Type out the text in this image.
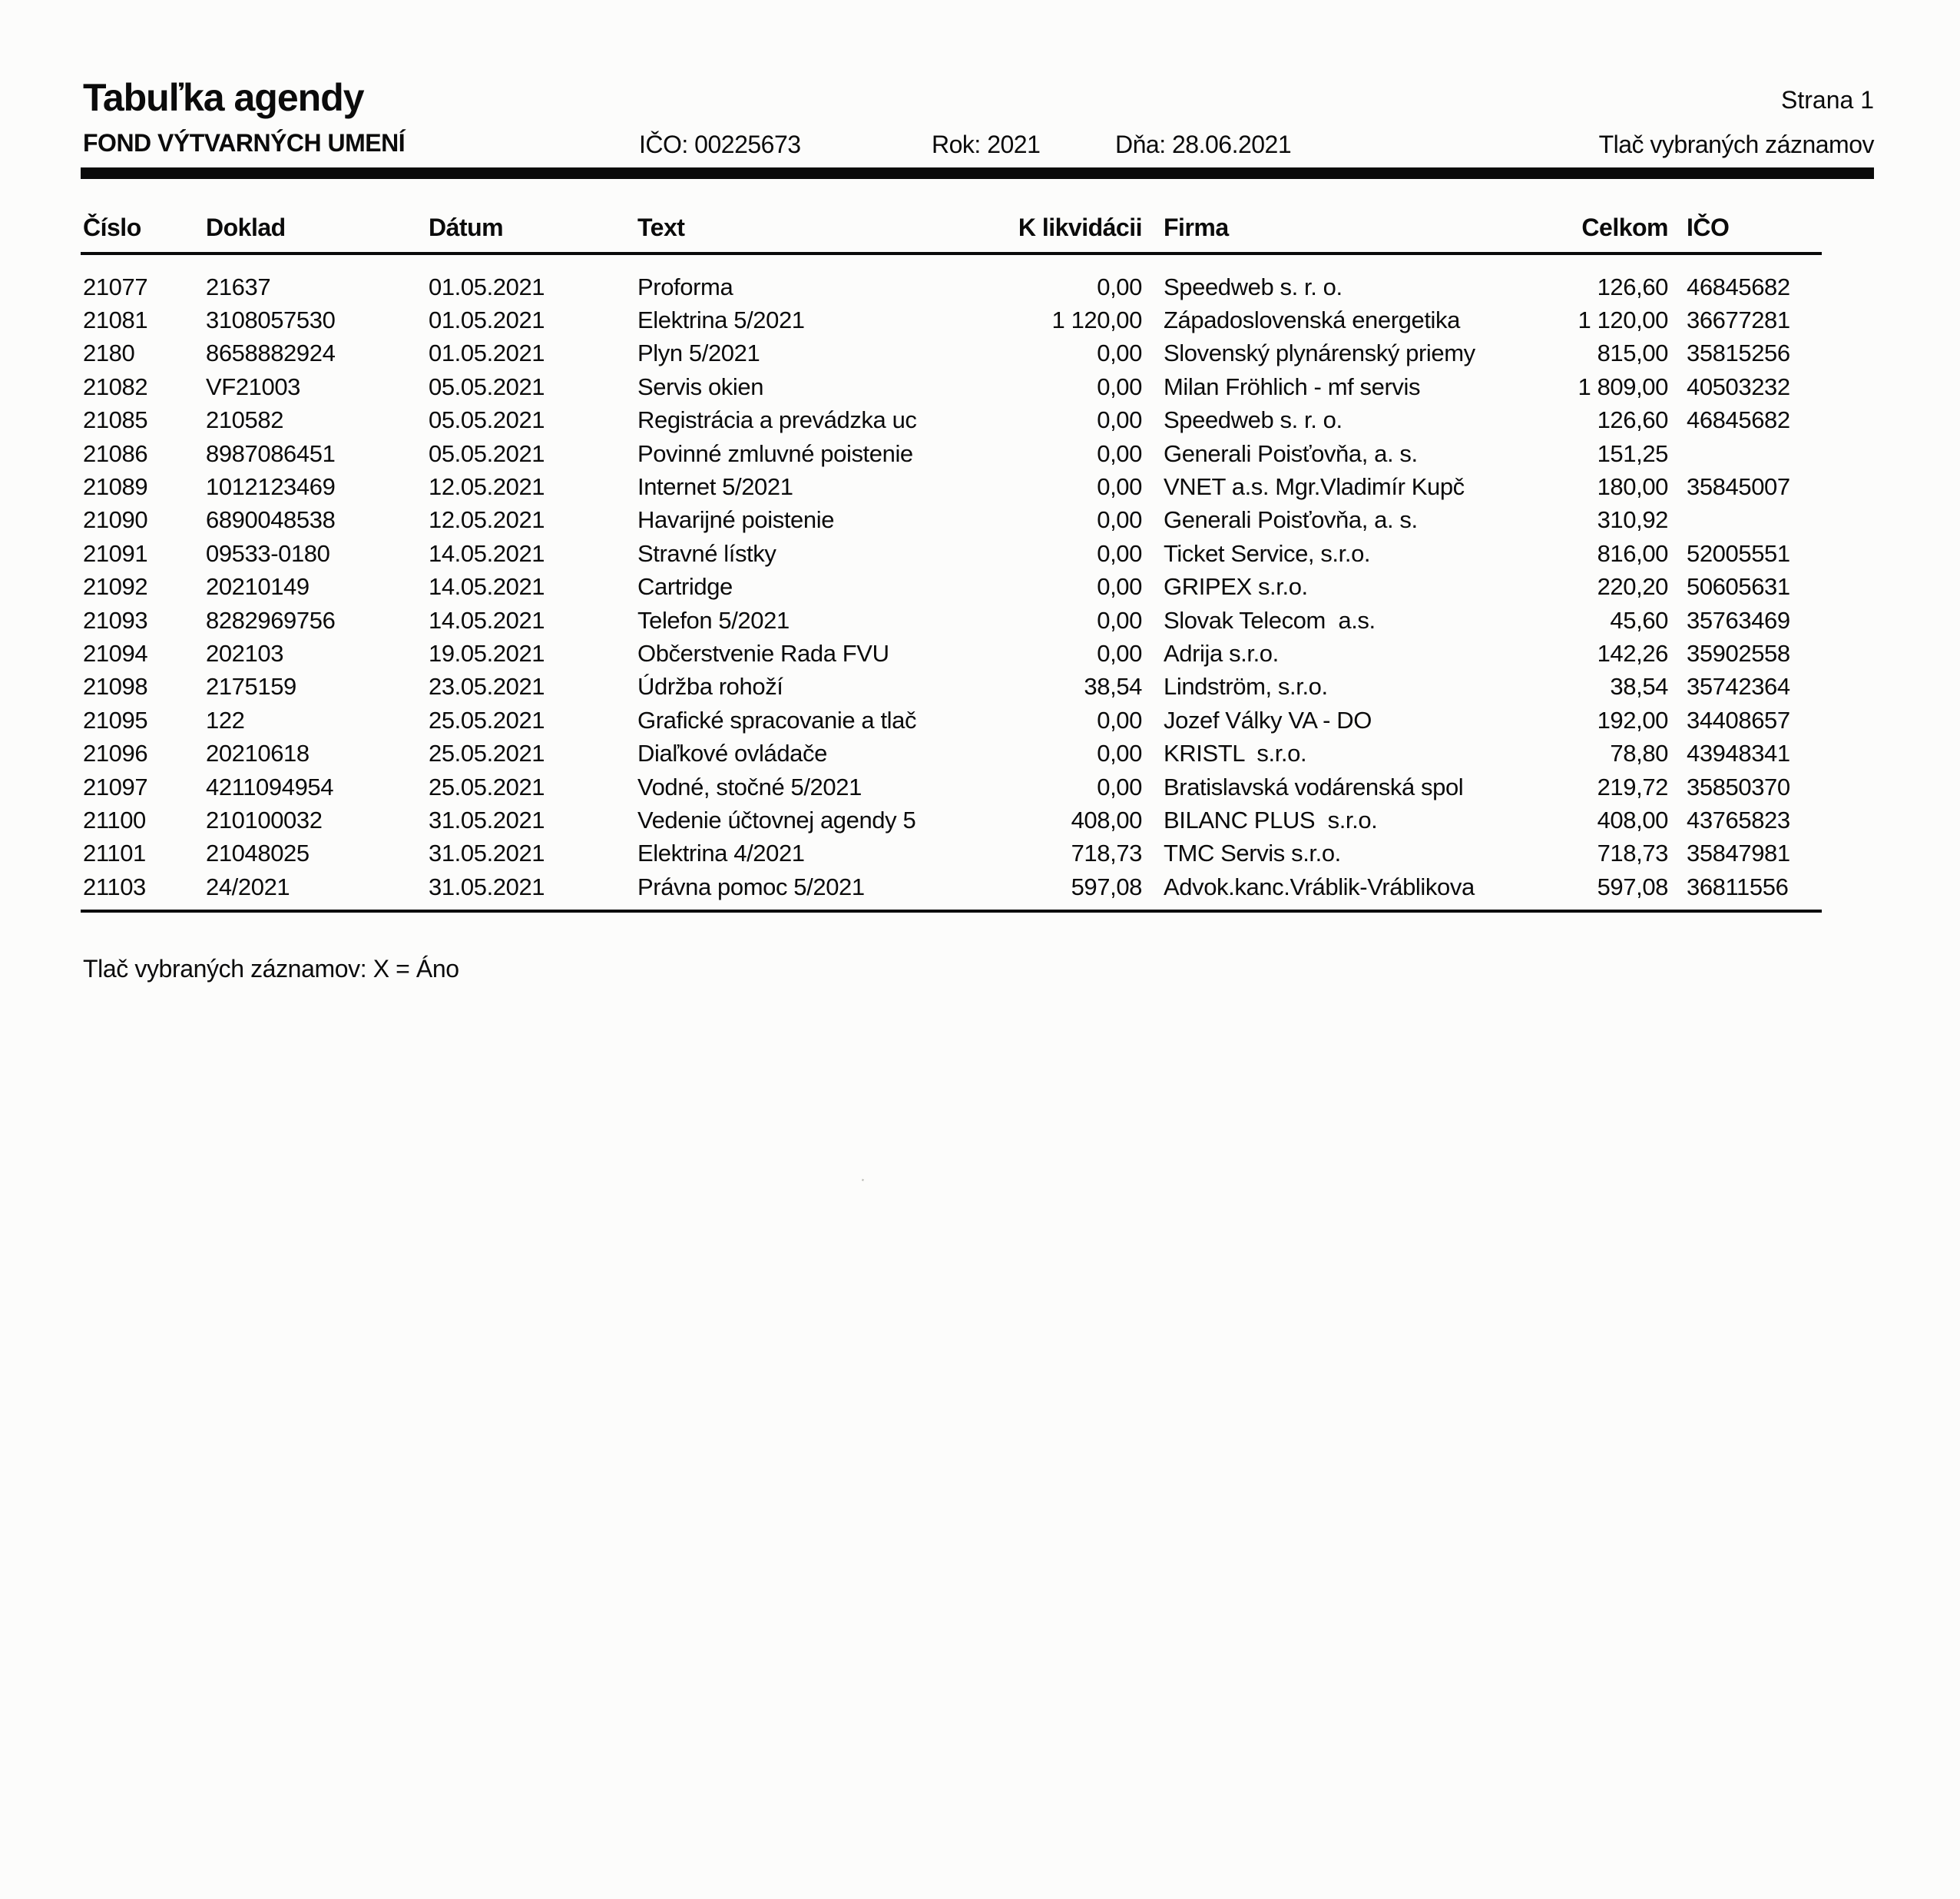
Tabuľka agendy	Strana 1
FOND VÝTVARNÝCH UMENÍ	IČO: 00225673	Rok: 2021	Dňa: 28.06.2021	Tlač vybraných záznamov
Číslo	Doklad	Dátum	Text	K likvidácii Firma	Celkom IČO
21077	21637	01.05.2021	Proforma	0,00 Speedweb s. r. o.	126,60 46845682
21081	3108057530	01.05.2021	Elektrina 5/2021	1 120,00 Západoslovenská energetika	1 120,00 36677281
2180	8658882924	01.05.2021	Plyn 5/2021	0,00 Slovenský plynárenský priemy	815,00 35815256
21082	VF21003	05.05.2021	Servis okien	0,00 Milan Fröhlich - mf servis	1 809,00 40503232
21085	210582	05.05.2021	Registrácia a prevádzka uc	0,00 Speedweb s. r. o.	126,60 46845682
21086	8987086451	05.05.2021	Povinné zmluvné poistenie	0,00 Generali Poisťovňa, a. s.	151,25
21089	1012123469	12.05.2021	Internet 5/2021	0,00 VNET a.s. Mgr.Vladimír Kupč	180,00 35845007
21090	6890048538	12.05.2021	Havarijné poistenie	0,00 Generali Poisťovňa, a. s.	310,92
21091	09533-0180	14.05.2021	Stravné lístky	0,00 Ticket Service, s.r.o.	816,00 52005551
21092	20210149	14.05.2021	Cartridge	0,00 GRIPEX s.r.o.	220,20 50605631
21093	8282969756	14.05.2021	Telefon 5/2021	0,00 Slovak Telecom  a.s.	45,60 35763469
21094	202103	19.05.2021	Občerstvenie Rada FVU	0,00 Adrija s.r.o.	142,26 35902558
21098	2175159	23.05.2021	Údržba rohoží	38,54 Lindström, s.r.o.	38,54 35742364
21095	122	25.05.2021	Grafické spracovanie a tlač	0,00 Jozef Války VA - DO	192,00 34408657
21096	20210618	25.05.2021	Diaľkové ovládače	0,00 KRISTL  s.r.o.	78,80 43948341
21097	4211094954	25.05.2021	Vodné, stočné 5/2021	0,00 Bratislavská vodárenská spol	219,72 35850370
21100	210100032	31.05.2021	Vedenie účtovnej agendy 5	408,00 BILANC PLUS  s.r.o.	408,00 43765823
21101	21048025	31.05.2021	Elektrina 4/2021	718,73 TMC Servis s.r.o.	718,73 35847981
21103	24/2021	31.05.2021	Právna pomoc 5/2021	597,08 Advok.kanc.Vráblik-Vráblikova	597,08 36811556
Tlač vybraných záznamov: X = Áno
·
